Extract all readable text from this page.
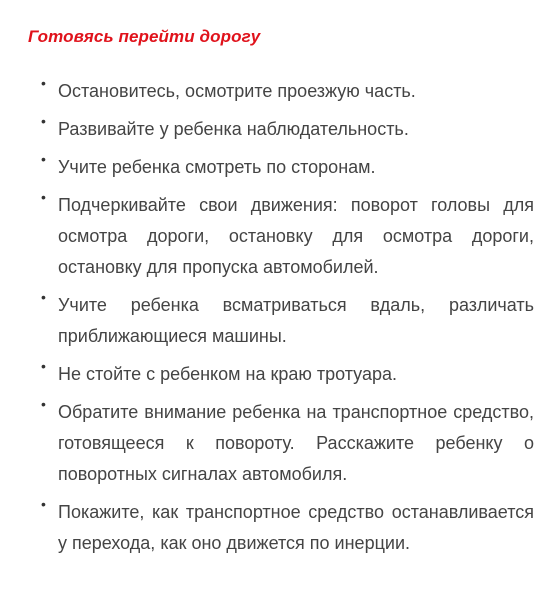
Готовясь перейти дорогу
• Остановитесь, осмотрите проезжую часть.
• Развивайте у ребенка наблюдательность.
• Учите ребенка смотреть по сторонам.
• Подчеркивайте свои движения: поворот головы для осмотра дороги, остановку для осмотра дороги, остановку для пропуска автомобилей.
• Учите ребенка всматриваться вдаль, различать приближающиеся машины.
• Не стойте с ребенком на краю тротуара.
• Обратите внимание ребенка на транспортное средство, готовящееся к повороту. Расскажите ребенку о поворотных сигналах автомобиля.
• Покажите, как транспортное средство останавливается у перехода, как оно движется по инерции.
